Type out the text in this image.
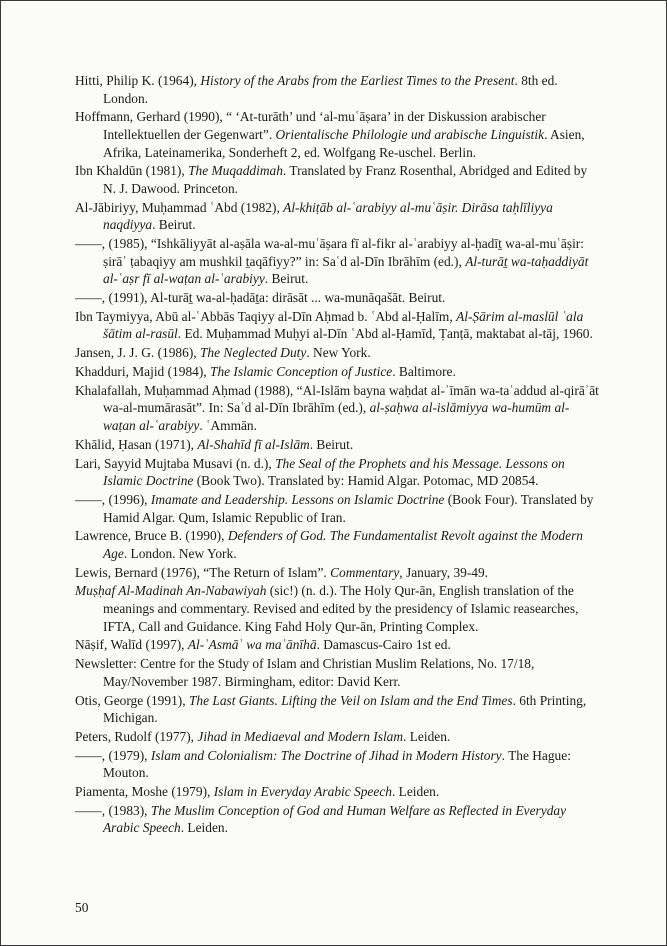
Hitti, Philip K. (1964), History of the Arabs from the Earliest Times to the Present. 8th ed. London.

Hoffmann, Gerhard (1990), “ ‘At-turāth’ und ‘al-muʿāṣara’ in der Diskussion arabischer Intellektuellen der Gegenwart”. Orientalische Philologie und arabische Linguistik. Asien, Afrika, Lateinamerika, Sonderheft 2, ed. Wolfgang Re-uschel. Berlin.

Ibn Khaldūn (1981), The Muqaddimah. Translated by Franz Rosenthal, Abridged and Edited by N. J. Dawood. Princeton.

Al-Jābiriyy, Muḥammad ʿAbd (1982), Al-khiṭāb al-ʿarabiyy al-muʿāṣir. Dirāsa taḥlīliyya naqdiyya. Beirut.

——, (1985), “Ishkāliyyāt al-aṣāla wa-al-muʿāṣara fī al-fikr al-ʿarabiyy al-ḥadīṯ wa-al-muʿāṣir: ṣirāʿ ṭabaqiyy am mushkil ṯaqāfiyy?” in: Saʿd al-Dīn Ibrāhīm (ed.), Al-turāṯ wa-taḥaddiyāt al-ʿaṣr fī al-waṭan al-ʿarabiyy. Beirut.

——, (1991), Al-turāṯ wa-al-ḥadāṯa: dirāsāt ... wa-munāqašāt. Beirut.

Ibn Taymiyya, Abū al-ʿAbbās Taqiyy al-Dīn Aḥmad b. ʿAbd al-Ḥalīm, Al-Ṣārim al-maslūl ʿala šātim al-rasūl. Ed. Muḥammad Muḥyi al-Dīn ʿAbd al-Ḥamīd, Ṭanṭā, maktabat al-tāj, 1960.

Jansen, J. J. G. (1986), The Neglected Duty. New York.

Khadduri, Majid (1984), The Islamic Conception of Justice. Baltimore.

Khalafallah, Muḥammad Aḥmad (1988), “Al-Islām bayna waḥdat al-ʾīmān wa-taʿaddud al-qirāʾāt wa-al-mumārasāt”. In: Saʿd al-Dīn Ibrāhīm (ed.), al-ṣaḥwa al-islāmiyya wa-humūm al-waṭan al-ʿarabiyy. ʿAmmān.

Khālid, Ḥasan (1971), Al-Shahīd fī al-Islām. Beirut.

Lari, Sayyid Mujtaba Musavi (n. d.), The Seal of the Prophets and his Message. Lessons on Islamic Doctrine (Book Two). Translated by: Hamid Algar. Potomac, MD 20854.

——, (1996), Imamate and Leadership. Lessons on Islamic Doctrine (Book Four). Translated by Hamid Algar. Qum, Islamic Republic of Iran.

Lawrence, Bruce B. (1990), Defenders of God. The Fundamentalist Revolt against the Modern Age. London. New York.

Lewis, Bernard (1976), “The Return of Islam”. Commentary, January, 39-49.

Muṣḥaf Al-Madinah An-Nabawiyah (sic!) (n. d.). The Holy Qur-ān, English translation of the meanings and commentary. Revised and edited by the presidency of Islamic reasearches, IFTA, Call and Guidance. King Fahd Holy Qur-ān, Printing Complex.

Nāṣif, Walīd (1997), Al-ʾAsmāʾ wa maʿānīhā. Damascus-Cairo 1st ed.

Newsletter: Centre for the Study of Islam and Christian Muslim Relations, No. 17/18, May/November 1987. Birmingham, editor: David Kerr.

Otis, George (1991), The Last Giants. Lifting the Veil on Islam and the End Times. 6th Printing, Michigan.

Peters, Rudolf (1977), Jihad in Mediaeval and Modern Islam. Leiden.

——, (1979), Islam and Colonialism: The Doctrine of Jihad in Modern History. The Hague: Mouton.

Piamenta, Moshe (1979), Islam in Everyday Arabic Speech. Leiden.

——, (1983), The Muslim Conception of God and Human Welfare as Reflected in Everyday Arabic Speech. Leiden.

50
